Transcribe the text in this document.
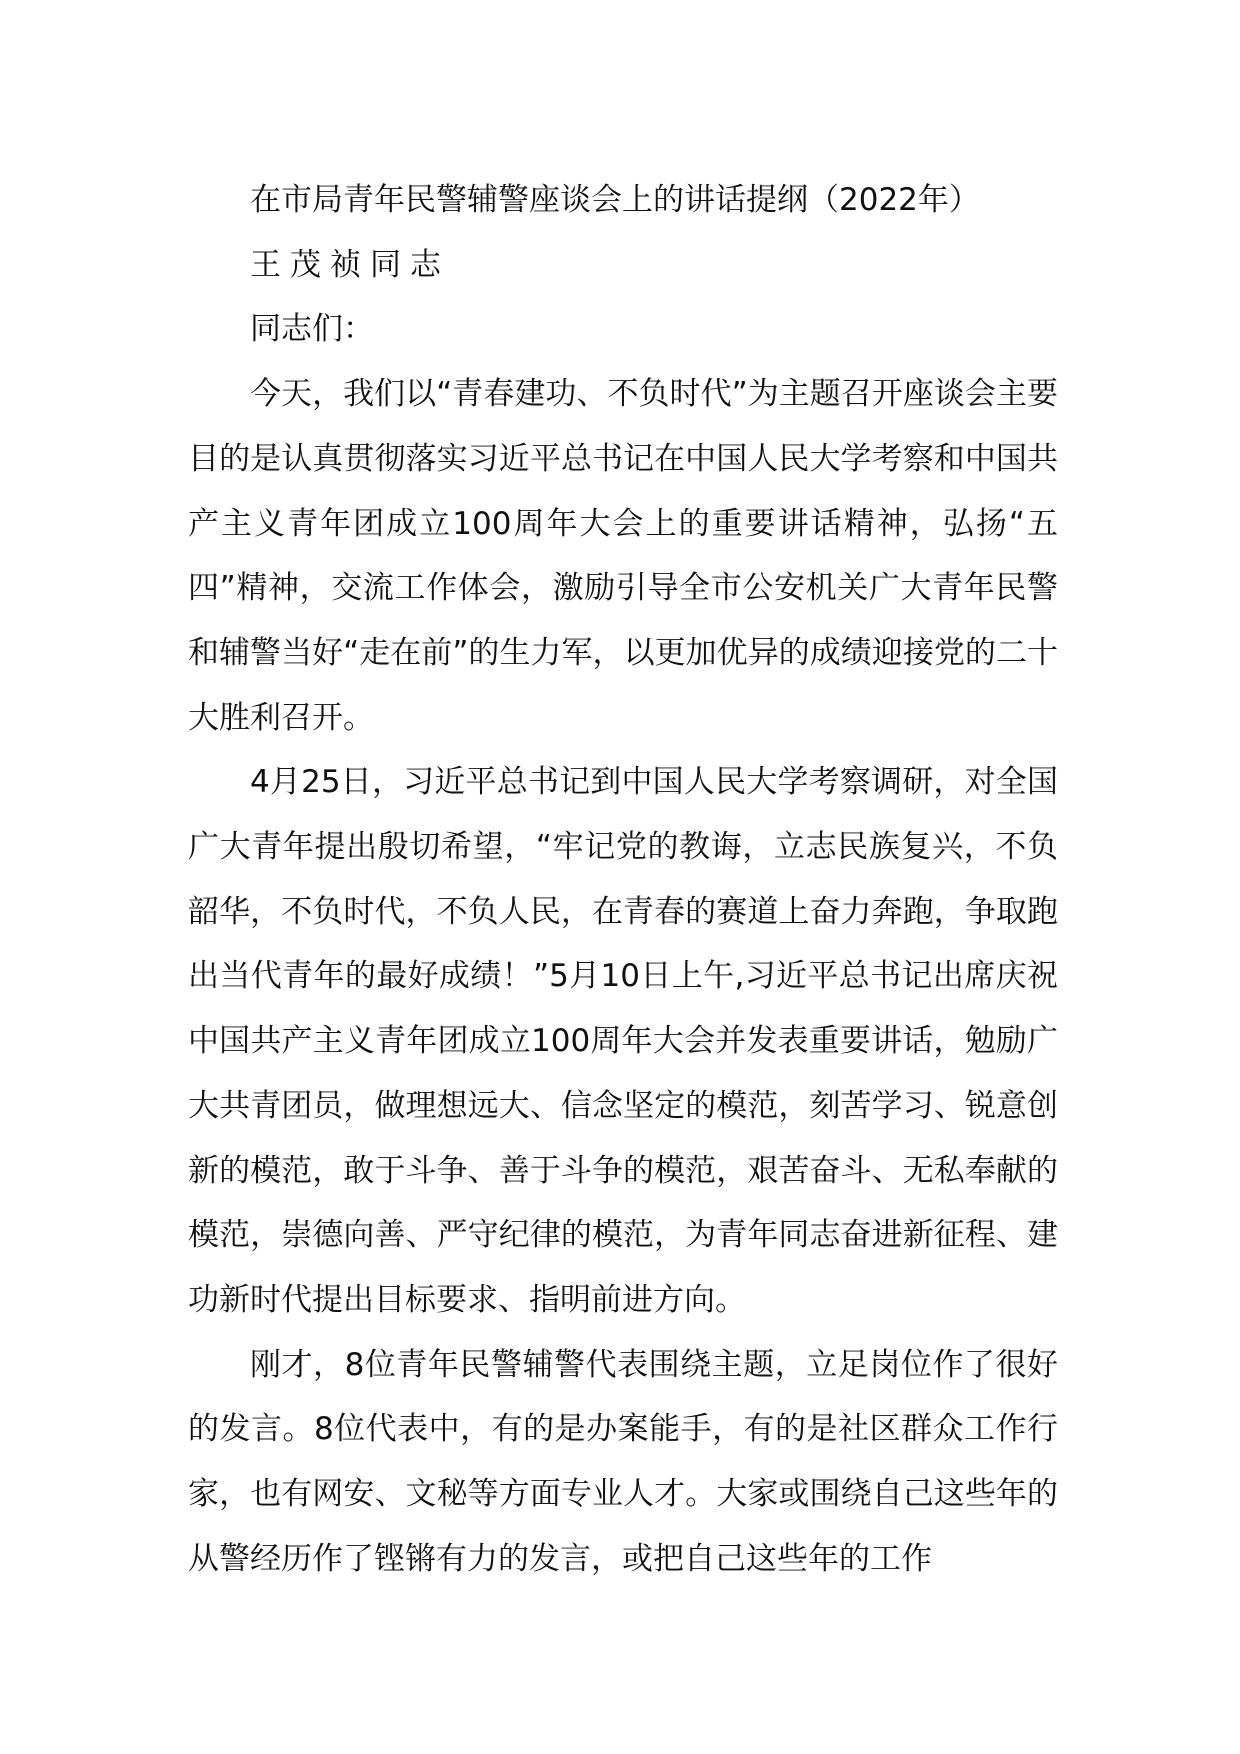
在市局青年民警辅警座谈会上的讲话提纲（2022年）

王茂祯同志

同志们：

今天，我们以“青春建功、不负时代”为主题召开座谈会主要目的是认真贯彻落实习近平总书记在中国人民大学考察和中国共产主义青年团成立100周年大会上的重要讲话精神，弘扬“五四”精神，交流工作体会，激励引导全市公安机关广大青年民警和辅警当好“走在前”的生力军，以更加优异的成绩迎接党的二十大胜利召开。

4月25日，习近平总书记到中国人民大学考察调研，对全国广大青年提出殷切希望，“牢记党的教诲，立志民族复兴，不负韶华，不负时代，不负人民，在青春的赛道上奋力奔跑，争取跑出当代青年的最好成绩！”5月10日上午,习近平总书记出席庆祝中国共产主义青年团成立100周年大会并发表重要讲话，勉励广大共青团员，做理想远大、信念坚定的模范，刻苦学习、锐意创新的模范，敢于斗争、善于斗争的模范，艰苦奋斗、无私奉献的模范，崇德向善、严守纪律的模范，为青年同志奋进新征程、建功新时代提出目标要求、指明前进方向。

刚才，8位青年民警辅警代表围绕主题，立足岗位作了很好的发言。8位代表中，有的是办案能手，有的是社区群众工作行家，也有网安、文秘等方面专业人才。大家或围绕自己这些年的从警经历作了铿锵有力的发言，或把自己这些年的工作
